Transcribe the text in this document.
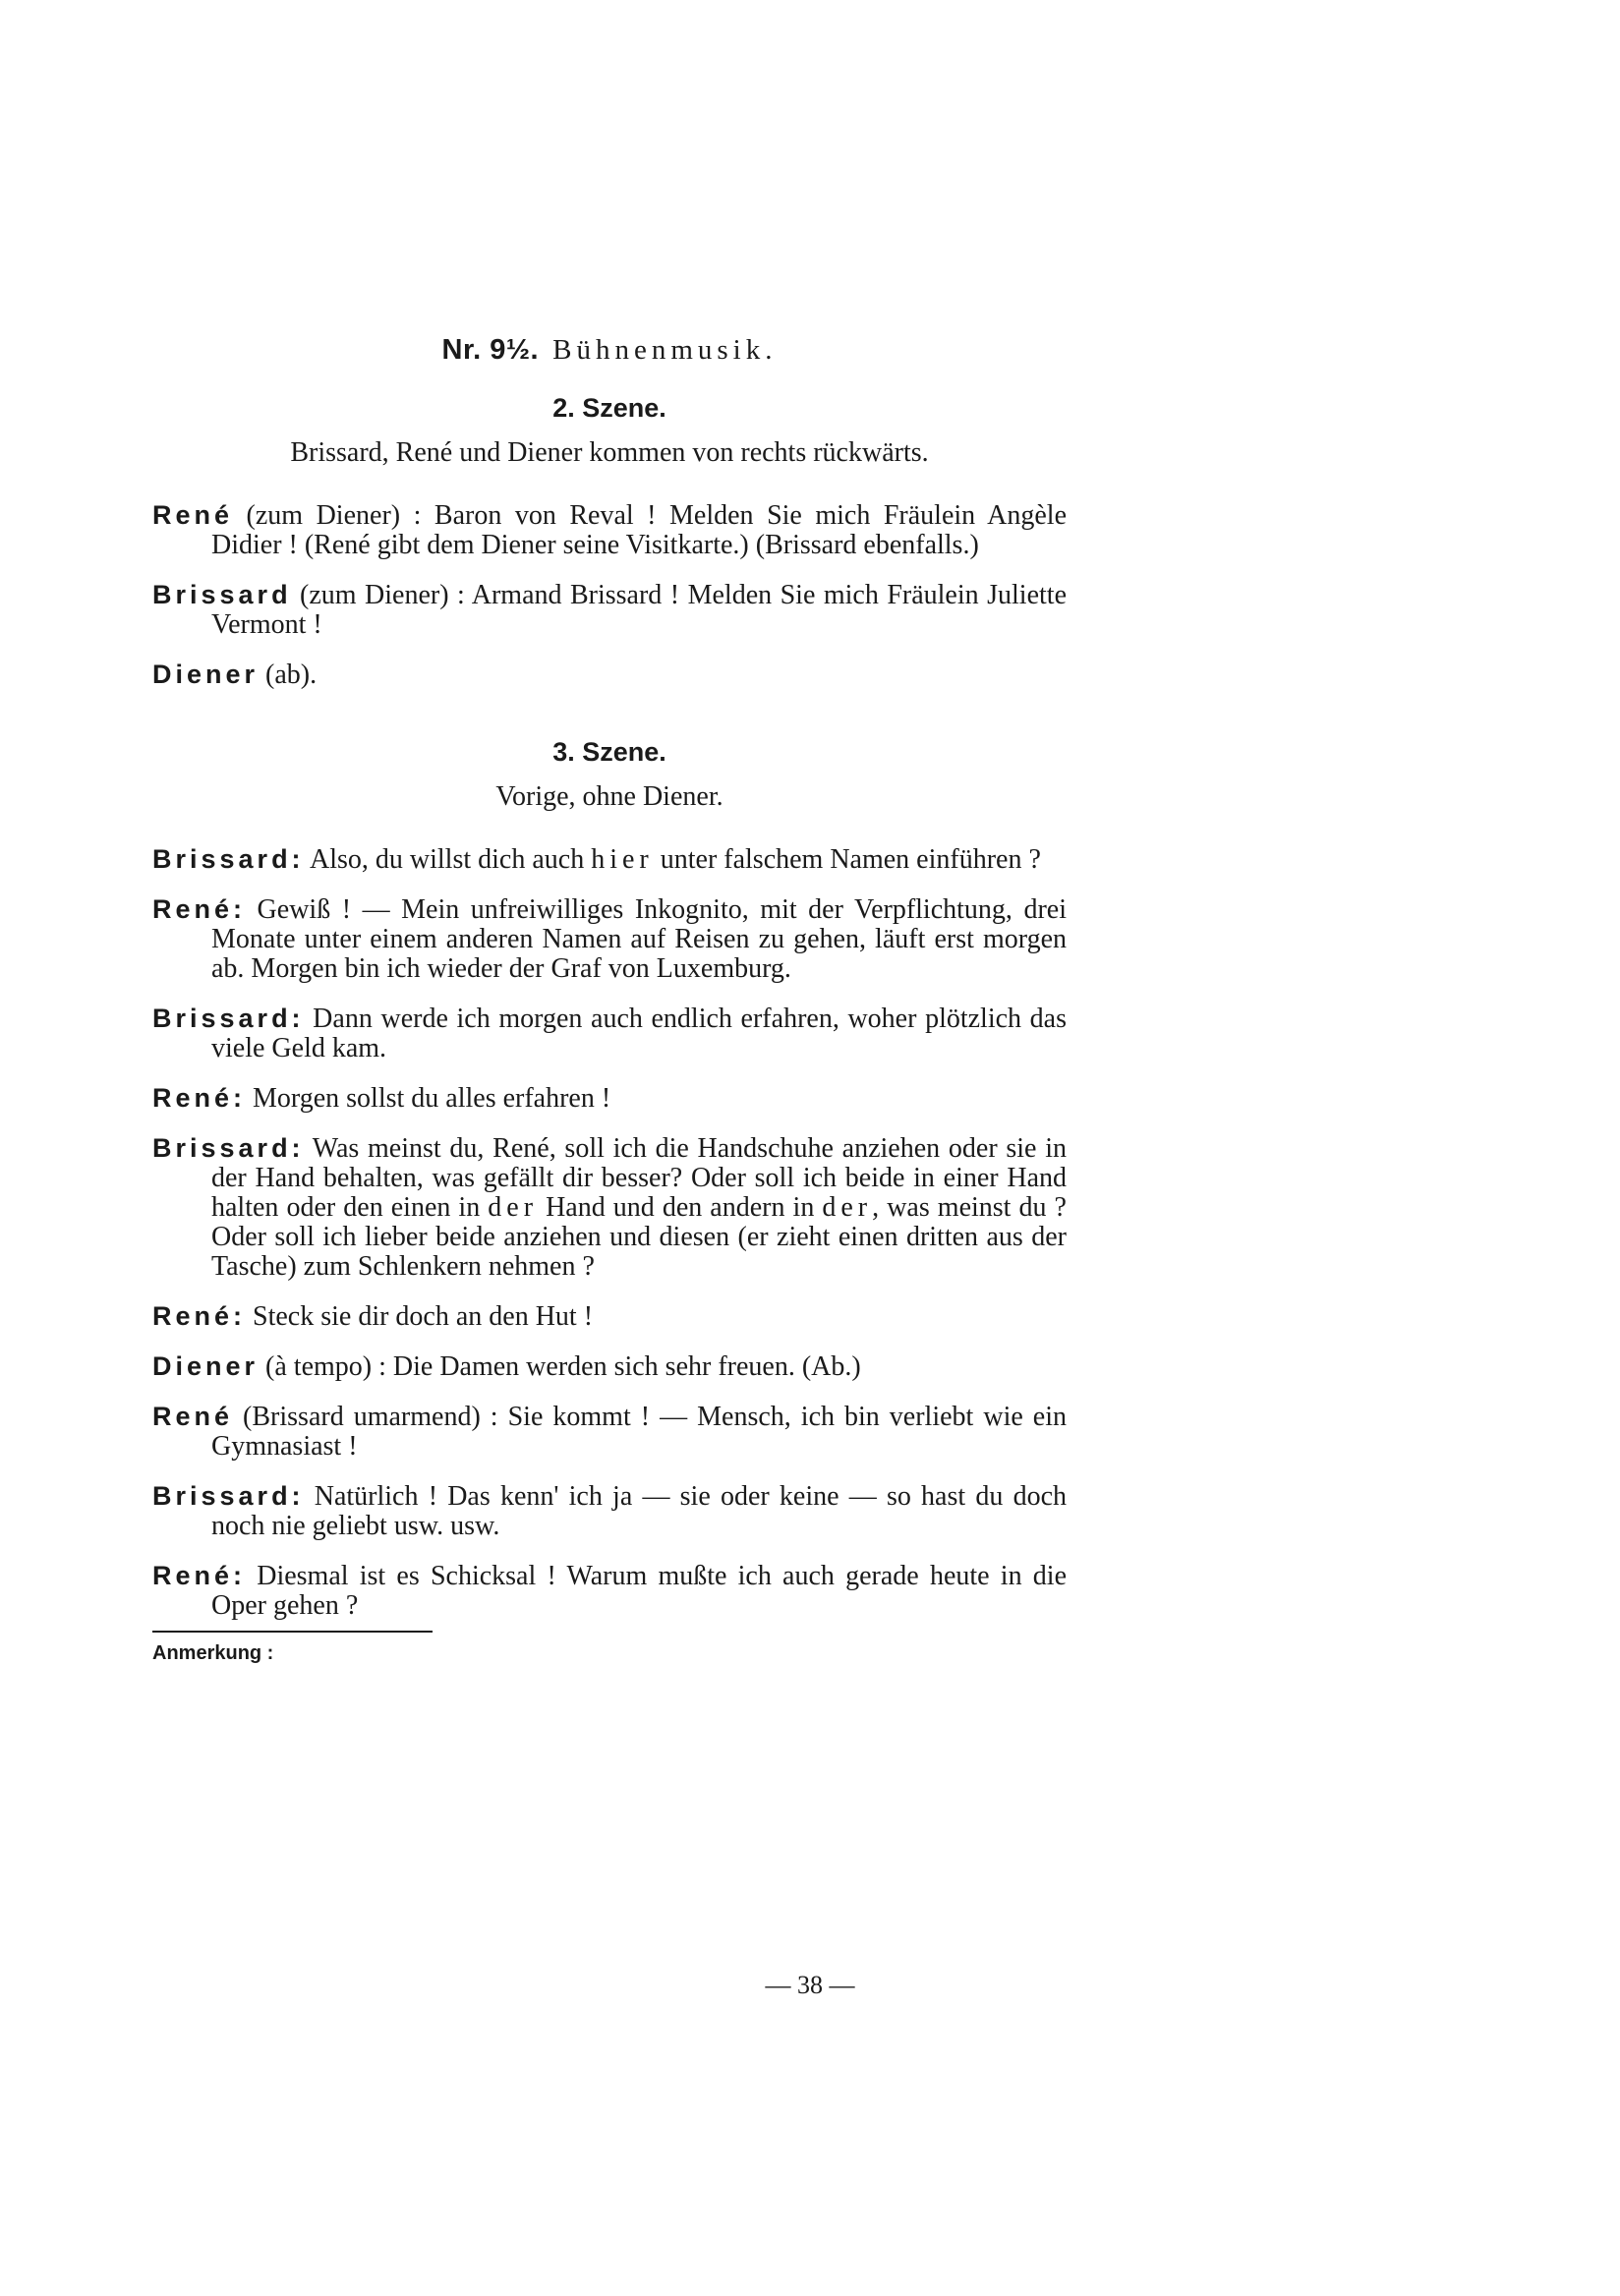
Nr. 9½. Bühnenmusik.
2. Szene.
Brissard, René und Diener kommen von rechts rückwärts.

René (zum Diener) : Baron von Reval ! Melden Sie mich Fräulein Angèle Didier ! (René gibt dem Diener seine Visitkarte.) (Brissard ebenfalls.)

Brissard (zum Diener) : Armand Brissard ! Melden Sie mich Fräulein Juliette Vermont !

Diener (ab).

3. Szene.
Vorige, ohne Diener.

Brissard: Also, du willst dich auch hier unter falschem Namen einführen ?

René: Gewiß ! — Mein unfreiwilliges Inkognito, mit der Verpflichtung, drei Monate unter einem anderen Namen auf Reisen zu gehen, läuft erst morgen ab. Morgen bin ich wieder der Graf von Luxemburg.

Brissard: Dann werde ich morgen auch endlich erfahren, woher plötzlich das viele Geld kam.

René: Morgen sollst du alles erfahren !

Brissard: Was meinst du, René, soll ich die Handschuhe anziehen oder sie in der Hand behalten, was gefällt dir besser? Oder soll ich beide in einer Hand halten oder den einen in der Hand und den andern in der, was meinst du ? Oder soll ich lieber beide anziehen und diesen (er zieht einen dritten aus der Tasche) zum Schlenkern nehmen ?

René: Steck sie dir doch an den Hut !

Diener (à tempo) : Die Damen werden sich sehr freuen. (Ab.)

René (Brissard umarmend) : Sie kommt ! — Mensch, ich bin verliebt wie ein Gymnasiast !

Brissard: Natürlich ! Das kenn' ich ja — sie oder keine — so hast du doch noch nie geliebt usw. usw.

René: Diesmal ist es Schicksal ! Warum mußte ich auch gerade heute in die Oper gehen ?

Anmerkung :
— 38 —
